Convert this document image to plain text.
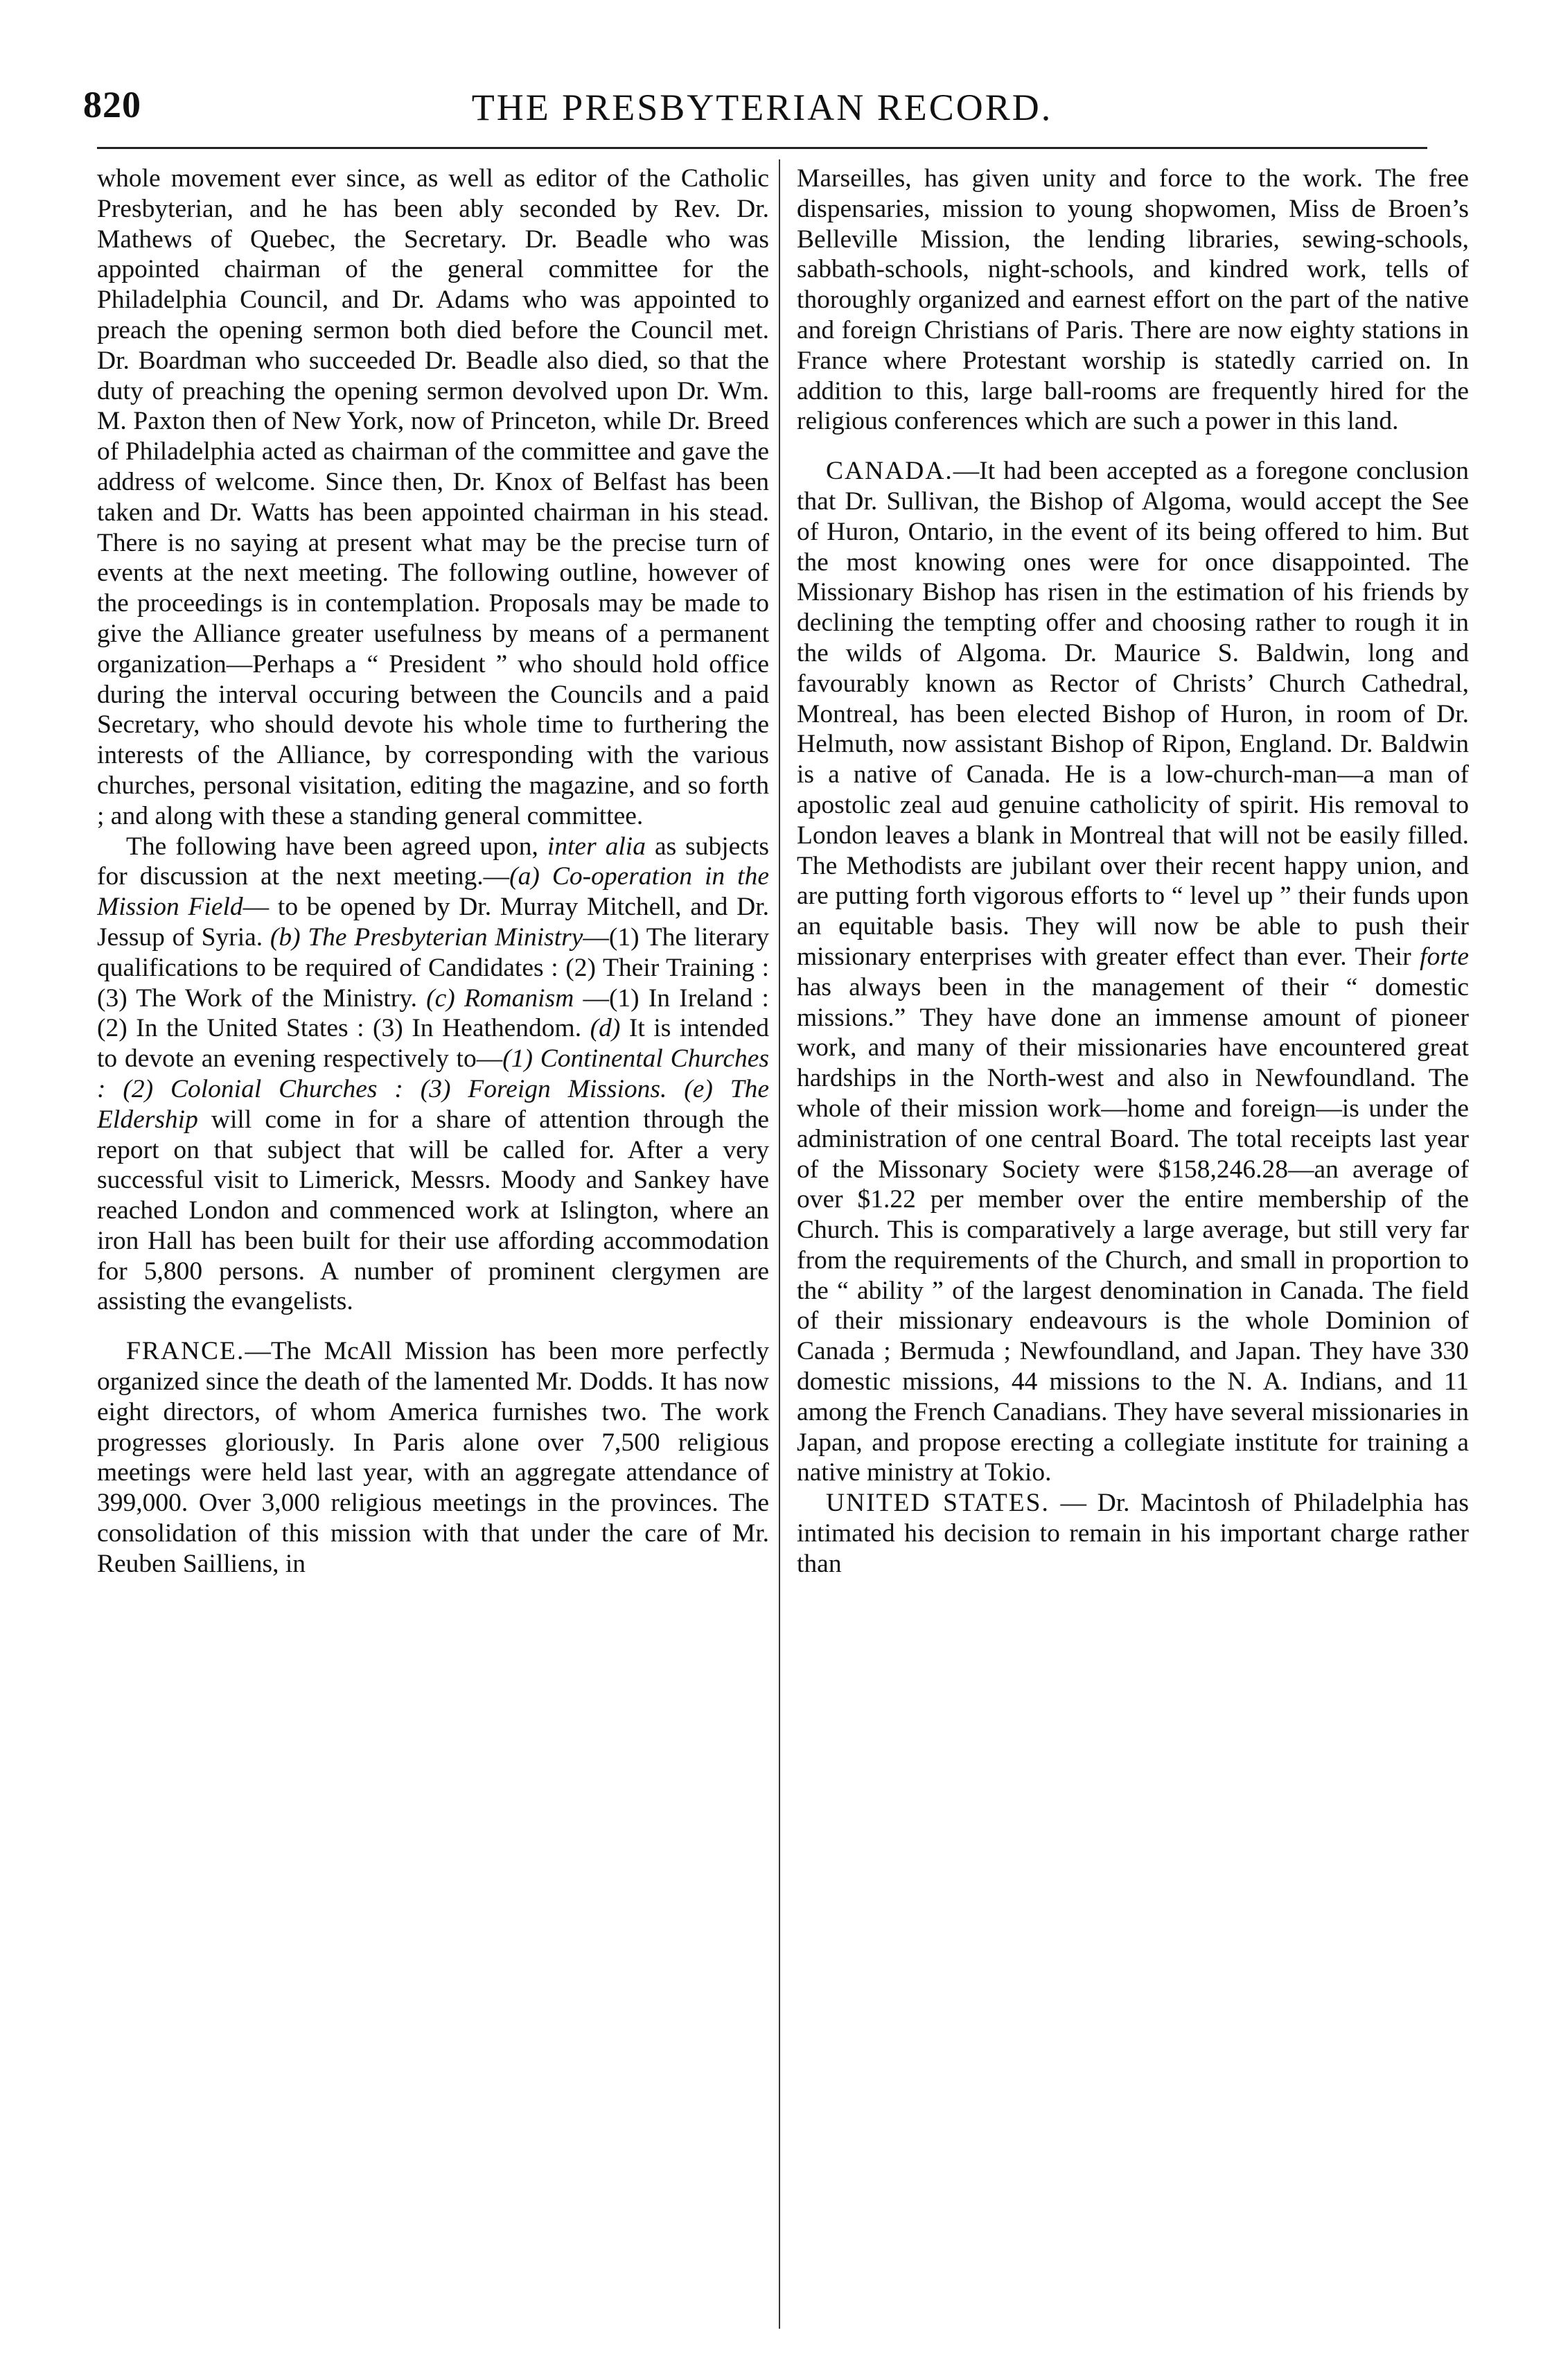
820	THE PRESBYTERIAN RECORD.

whole movement ever since, as well as editor of the Catholic Presbyterian, and he has been ably seconded by Rev. Dr. Mathews of Quebec, the Secretary. Dr. Beadle who was appointed chairman of the general committee for the Philadelphia Council, and Dr. Adams who was appointed to preach the opening sermon both died before the Council met. Dr. Boardman who succeeded Dr. Beadle also died, so that the duty of preaching the opening sermon devolved upon Dr. Wm. M. Paxton then of New York, now of Princeton, while Dr. Breed of Philadelphia acted as chairman of the committee and gave the address of welcome. Since then, Dr. Knox of Belfast has been taken and Dr. Watts has been appointed chairman in his stead. There is no saying at present what may be the precise turn of events at the next meeting. The following outline, however of the proceedings is in contemplation. Proposals may be made to give the Alliance greater usefulness by means of a permanent organization—Perhaps a “ President ” who should hold office during the interval occuring between the Councils and a paid Secretary, who should devote his whole time to furthering the interests of the Alliance, by corresponding with the various churches, personal visitation, editing the magazine, and so forth ; and along with these a standing general committee.

The following have been agreed upon, inter alia as subjects for discussion at the next meeting.—(a) Co-operation in the Mission Field— to be opened by Dr. Murray Mitchell, and Dr. Jessup of Syria. (b) The Presbyterian Ministry—(1) The literary qualifications to be required of Candidates : (2) Their Training : (3) The Work of the Ministry. (c) Romanism —(1) In Ireland : (2) In the United States : (3) In Heathendom. (d) It is intended to devote an evening respectively to—(1) Continental Churches : (2) Colonial Churches : (3) Foreign Missions. (e) The Eldership will come in for a share of attention through the report on that subject that will be called for. After a very successful visit to Limerick, Messrs. Moody and Sankey have reached London and commenced work at Islington, where an iron Hall has been built for their use affording accommodation for 5,800 persons. A number of prominent clergymen are assisting the evangelists.

FRANCE.—The McAll Mission has been more perfectly organized since the death of the lamented Mr. Dodds. It has now eight directors, of whom America furnishes two. The work progresses gloriously. In Paris alone over 7,500 religious meetings were held last year, with an aggregate attendance of 399,000. Over 3,000 religious meetings in the provinces. The consolidation of this mission with that under the care of Mr. Reuben Sailliens, in

Marseilles, has given unity and force to the work. The free dispensaries, mission to young shopwomen, Miss de Broen’s Belleville Mission, the lending libraries, sewing-schools, sabbath-schools, night-schools, and kindred work, tells of thoroughly organized and earnest effort on the part of the native and foreign Christians of Paris. There are now eighty stations in France where Protestant worship is statedly carried on. In addition to this, large ball-rooms are frequently hired for the religious conferences which are such a power in this land.

CANADA.—It had been accepted as a foregone conclusion that Dr. Sullivan, the Bishop of Algoma, would accept the See of Huron, Ontario, in the event of its being offered to him. But the most knowing ones were for once disappointed. The Missionary Bishop has risen in the estimation of his friends by declining the tempting offer and choosing rather to rough it in the wilds of Algoma. Dr. Maurice S. Baldwin, long and favourably known as Rector of Christs’ Church Cathedral, Montreal, has been elected Bishop of Huron, in room of Dr. Helmuth, now assistant Bishop of Ripon, England. Dr. Baldwin is a native of Canada. He is a low-church-man—a man of apostolic zeal aud genuine catholicity of spirit. His removal to London leaves a blank in Montreal that will not be easily filled. The Methodists are jubilant over their recent happy union, and are putting forth vigorous efforts to “ level up ” their funds upon an equitable basis. They will now be able to push their missionary enterprises with greater effect than ever. Their forte has always been in the management of their “ domestic missions.” They have done an immense amount of pioneer work, and many of their missionaries have encountered great hardships in the North-west and also in Newfoundland. The whole of their mission work—home and foreign—is under the administration of one central Board. The total receipts last year of the Missonary Society were $158,246.28—an average of over $1.22 per member over the entire membership of the Church. This is comparatively a large average, but still very far from the requirements of the Church, and small in proportion to the “ ability ” of the largest denomination in Canada. The field of their missionary endeavours is the whole Dominion of Canada ; Bermuda ; Newfoundland, and Japan. They have 330 domestic missions, 44 missions to the N. A. Indians, and 11 among the French Canadians. They have several missionaries in Japan, and propose erecting a collegiate institute for training a native ministry at Tokio.

UNITED STATES. — Dr. Macintosh of Philadelphia has intimated his decision to remain in his important charge rather than
